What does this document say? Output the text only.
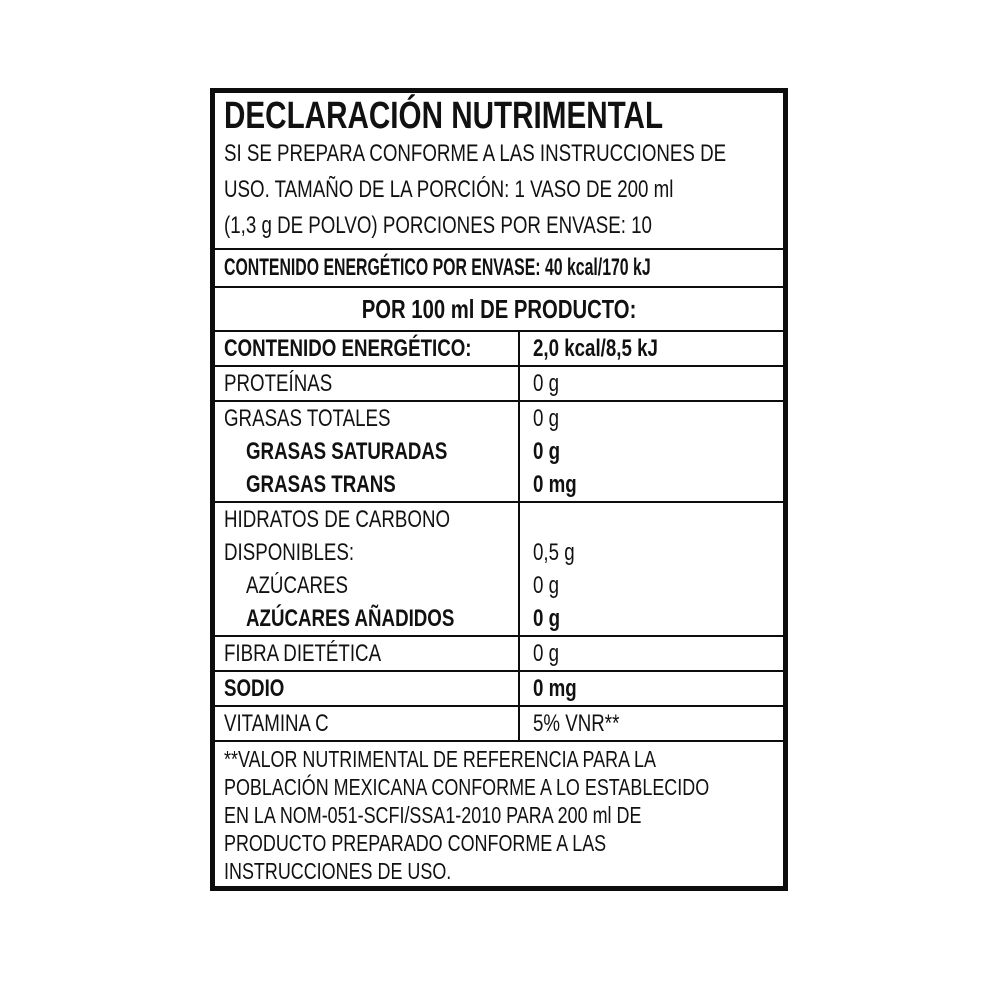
DECLARACIÓN NUTRIMENTAL
SI SE PREPARA CONFORME A LAS INSTRUCCIONES DE
USO. TAMAÑO DE LA PORCIÓN: 1 VASO DE 200 ml
(1,3 g DE POLVO) PORCIONES POR ENVASE: 10
CONTENIDO ENERGÉTICO POR ENVASE: 40 kcal/170 kJ
POR 100 ml DE PRODUCTO:
CONTENIDO ENERGÉTICO:	2,0 kcal/8,5 kJ
PROTEÍNAS	0 g
GRASAS TOTALES	0 g
GRASAS SATURADAS	0 g
GRASAS TRANS	0 mg
HIDRATOS DE CARBONO
DISPONIBLES:	0,5 g
AZÚCARES	0 g
AZÚCARES AÑADIDOS	0 g
FIBRA DIETÉTICA	0 g
SODIO	0 mg
VITAMINA C	5% VNR**
**VALOR NUTRIMENTAL DE REFERENCIA PARA LA
POBLACIÓN MEXICANA CONFORME A LO ESTABLECIDO
EN LA NOM-051-SCFI/SSA1-2010 PARA 200 ml DE
PRODUCTO PREPARADO CONFORME A LAS
INSTRUCCIONES DE USO.
